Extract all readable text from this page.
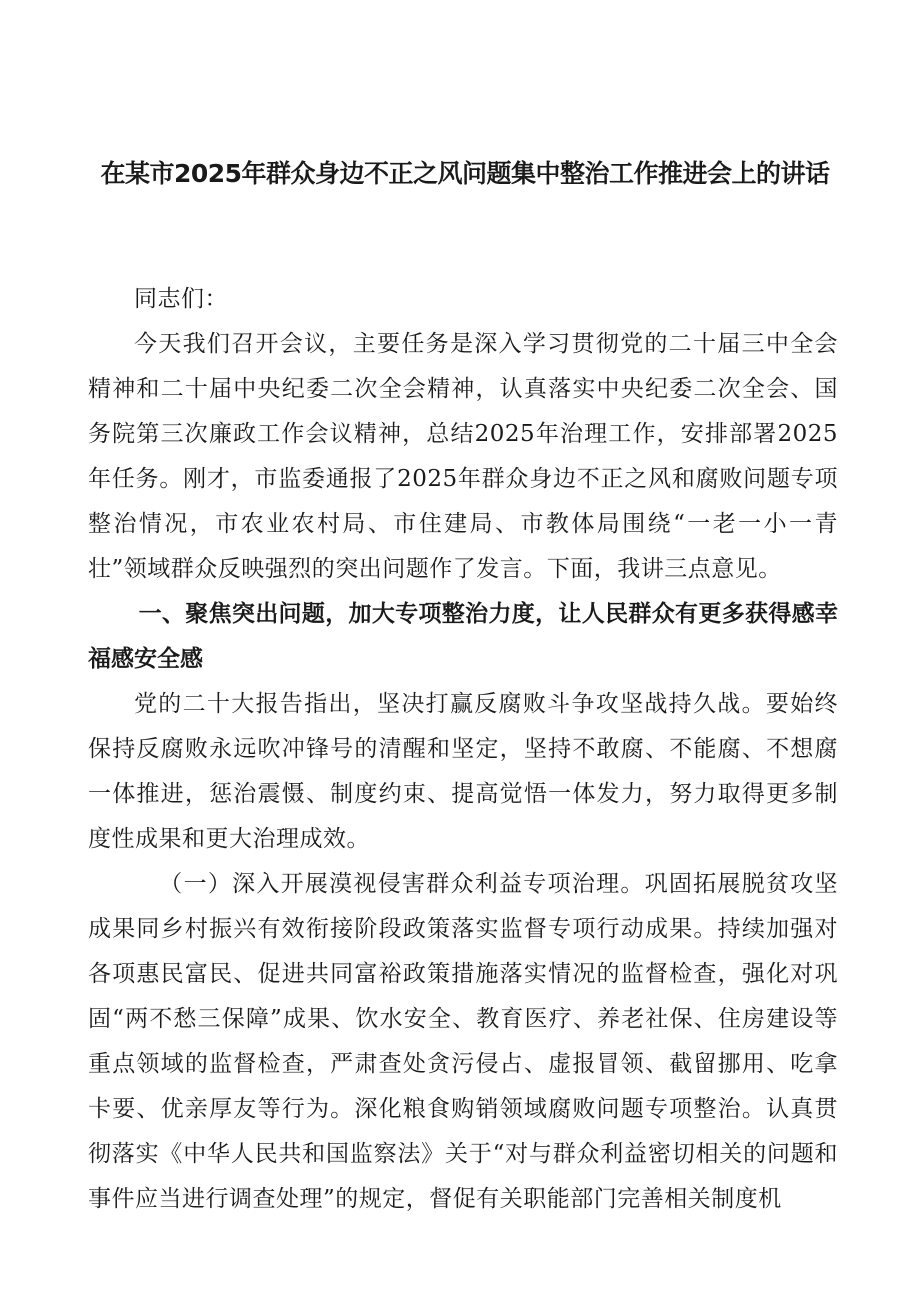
在某市2025年群众身边不正之风问题集中整治工作推进会上的讲话

同志们：

今天我们召开会议，主要任务是深入学习贯彻党的二十届三中全会精神和二十届中央纪委二次全会精神，认真落实中央纪委二次全会、国务院第三次廉政工作会议精神，总结2025年治理工作，安排部署2025年任务。刚才，市监委通报了2025年群众身边不正之风和腐败问题专项整治情况，市农业农村局、市住建局、市教体局围绕“一老一小一青壮”领域群众反映强烈的突出问题作了发言。下面，我讲三点意见。

一、聚焦突出问题，加大专项整治力度，让人民群众有更多获得感幸福感安全感

党的二十大报告指出，坚决打赢反腐败斗争攻坚战持久战。要始终保持反腐败永远吹冲锋号的清醒和坚定，坚持不敢腐、不能腐、不想腐一体推进，惩治震慑、制度约束、提高觉悟一体发力，努力取得更多制度性成果和更大治理成效。

（一）深入开展漠视侵害群众利益专项治理。巩固拓展脱贫攻坚成果同乡村振兴有效衔接阶段政策落实监督专项行动成果。持续加强对各项惠民富民、促进共同富裕政策措施落实情况的监督检查，强化对巩固“两不愁三保障”成果、饮水安全、教育医疗、养老社保、住房建设等重点领域的监督检查，严肃查处贪污侵占、虚报冒领、截留挪用、吃拿卡要、优亲厚友等行为。深化粮食购销领域腐败问题专项整治。认真贯彻落实《中华人民共和国监察法》关于“对与群众利益密切相关的问题和事件应当进行调查处理”的规定，督促有关职能部门完善相关制度机
